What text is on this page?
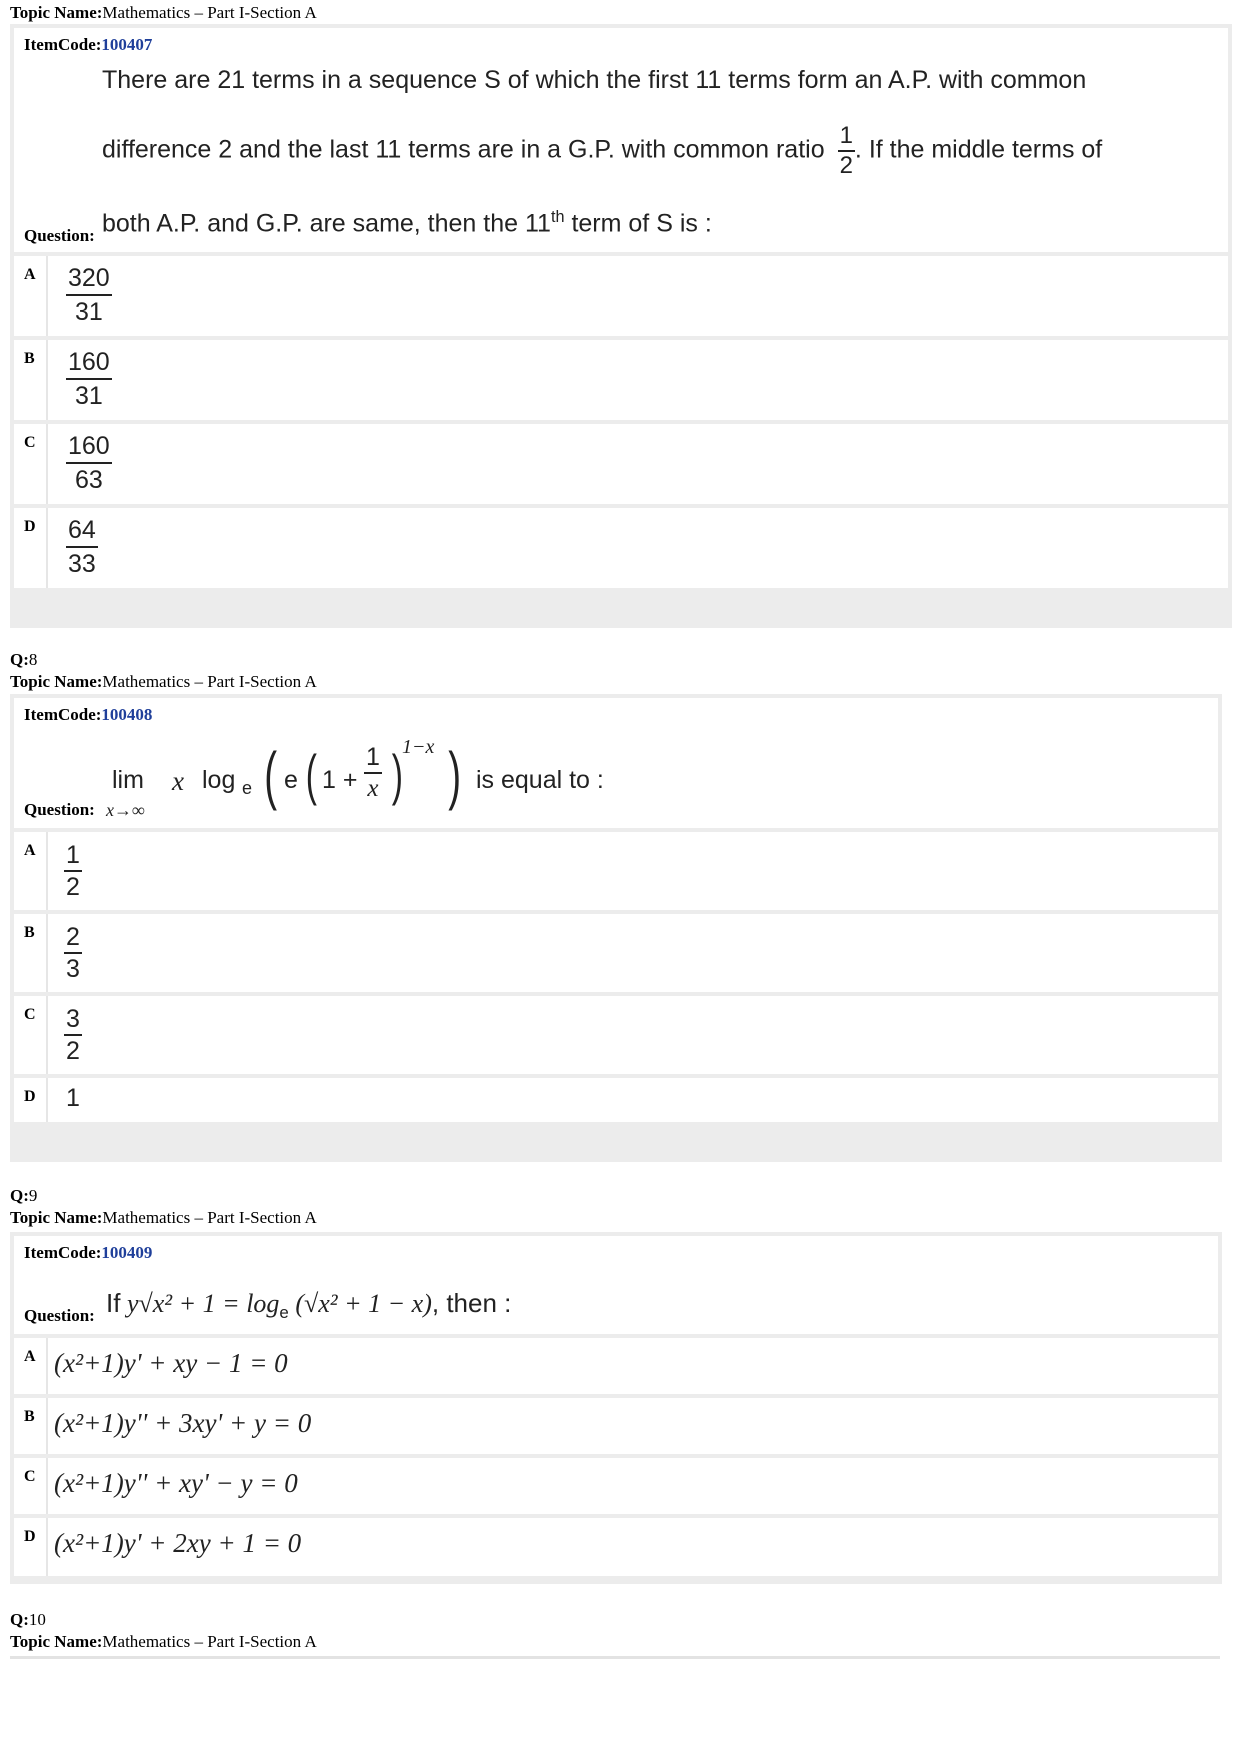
Topic Name:Mathematics – Part I-Section A
ItemCode:100407
There are 21 terms in a sequence S of which the first 11 terms form an A.P. with common
difference 2 and the last 11 terms are in a G.P. with common ratio $\frac{1}{2}$ . If the middle terms of
Question: both A.P. and G.P. are same, then the 11th term of S is :
A $\frac{320}{31}$
B $\frac{160}{31}$
C $\frac{160}{63}$
D $\frac{64}{33}$
Q:8
Topic Name:Mathematics – Part I-Section A
ItemCode:100408
Question:
lim
x→∞
x log e ( e ( $1 + \frac{1}{x}$ ) 1−x ) is equal to :
A $\frac{1}{2}$
B $\frac{2}{3}$
C $\frac{3}{2}$
D 1
Q:9
Topic Name:Mathematics – Part I-Section A
ItemCode:100409
Question: If $y√x^2 + 1 = \log_e (√x^2 + 1 - x)$, then :
A (x²+1)y' + xy − 1 = 0
B (x²+1)y'' + 3xy' + y = 0
C (x²+1)y'' + xy' − y = 0
D (x²+1)y' + 2xy + 1 = 0
Q:10
Topic Name:Mathematics – Part I-Section A
